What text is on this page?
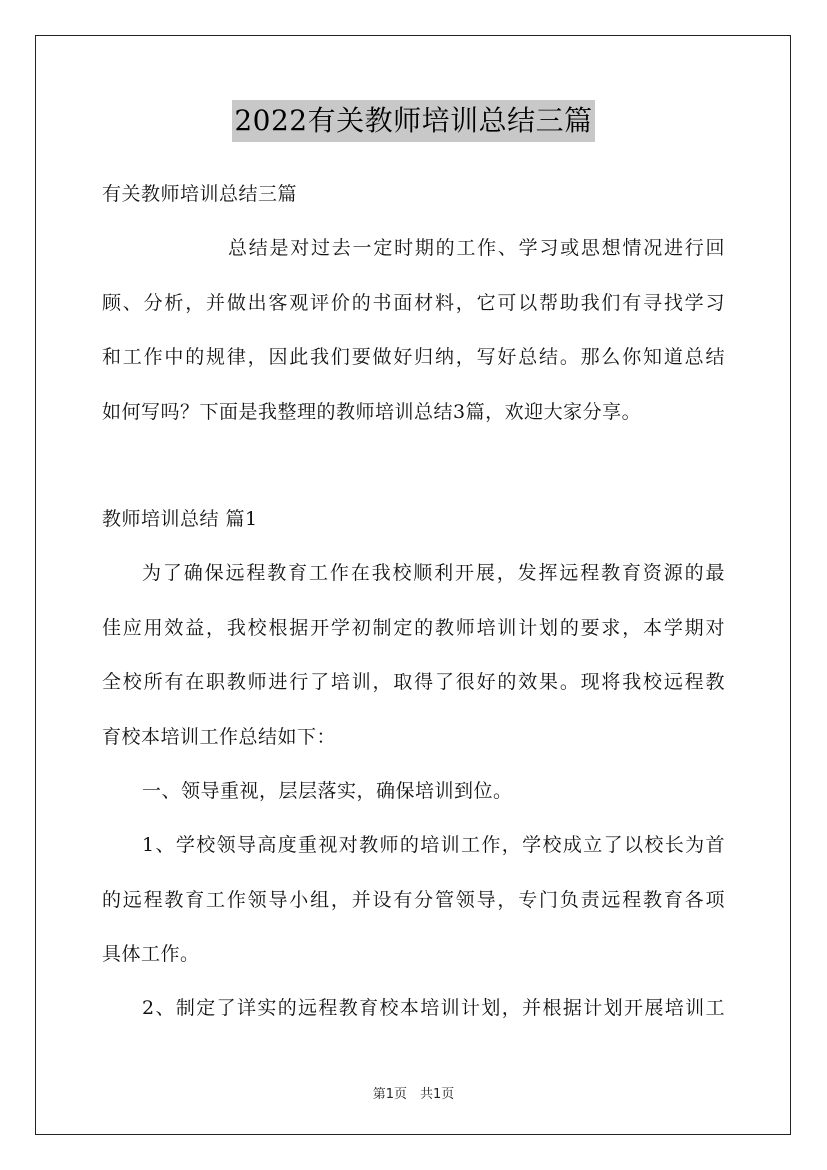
2022有关教师培训总结三篇
有关教师培训总结三篇
总结是对过去一定时期的工作、学习或思想情况进行回
顾、分析，并做出客观评价的书面材料，它可以帮助我们有寻找学习
和工作中的规律，因此我们要做好归纳，写好总结。那么你知道总结
如何写吗？下面是我整理的教师培训总结3篇，欢迎大家分享。
教师培训总结 篇1
为了确保远程教育工作在我校顺利开展，发挥远程教育资源的最
佳应用效益，我校根据开学初制定的教师培训计划的要求，本学期对
全校所有在职教师进行了培训，取得了很好的效果。现将我校远程教
育校本培训工作总结如下：
一、领导重视，层层落实，确保培训到位。
1、学校领导高度重视对教师的培训工作，学校成立了以校长为首
的远程教育工作领导小组，并设有分管领导，专门负责远程教育各项
具体工作。
2、制定了详实的远程教育校本培训计划，并根据计划开展培训工
第1页　共1页
